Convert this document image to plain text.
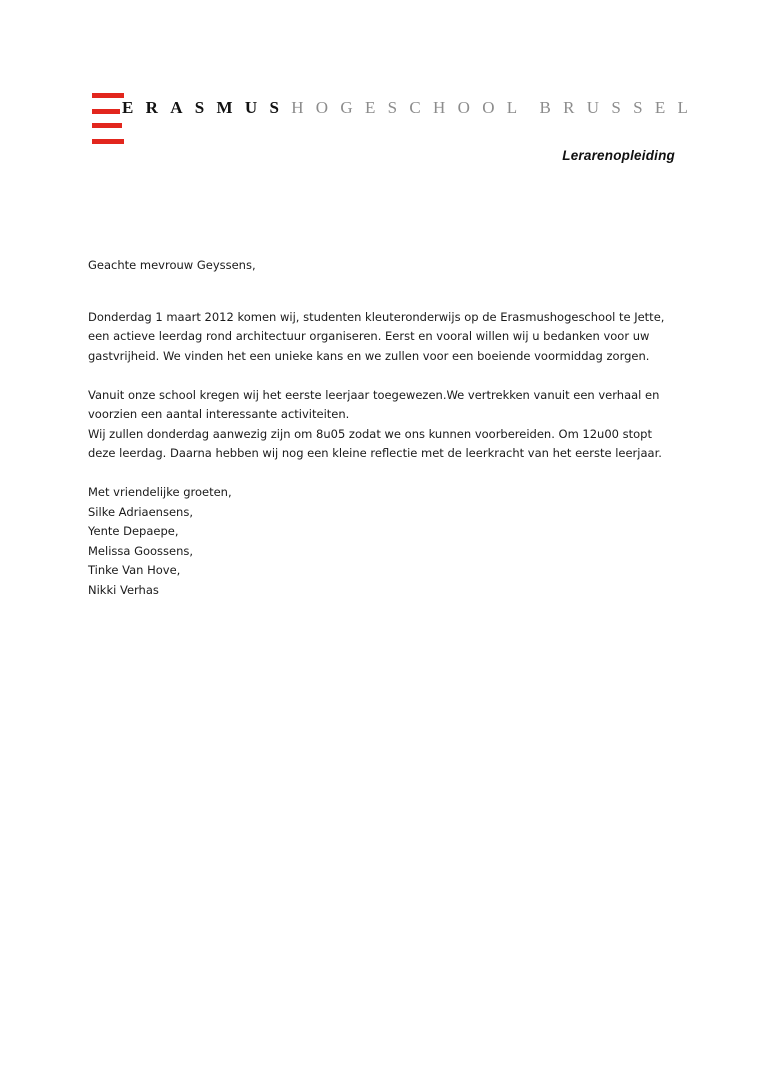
ERASMUSHOGESCHOOL BRUSSEL
Lerarenopleiding

Geachte mevrouw Geyssens,

Donderdag 1 maart 2012 komen wij, studenten kleuteronderwijs op de Erasmushogeschool te Jette,
een actieve leerdag rond architectuur organiseren. Eerst en vooral willen wij u bedanken voor uw
gastvrijheid. We vinden het een unieke kans en we zullen voor een boeiende voormiddag zorgen.

Vanuit onze school kregen wij het eerste leerjaar toegewezen.We vertrekken vanuit een verhaal en
voorzien een aantal interessante activiteiten.
Wij zullen donderdag aanwezig zijn om 8u05 zodat we ons kunnen voorbereiden. Om 12u00 stopt
deze leerdag. Daarna hebben wij nog een kleine reflectie met de leerkracht van het eerste leerjaar.

Met vriendelijke groeten,
Silke Adriaensens,
Yente Depaepe,
Melissa Goossens,
Tinke Van Hove,
Nikki Verhas
